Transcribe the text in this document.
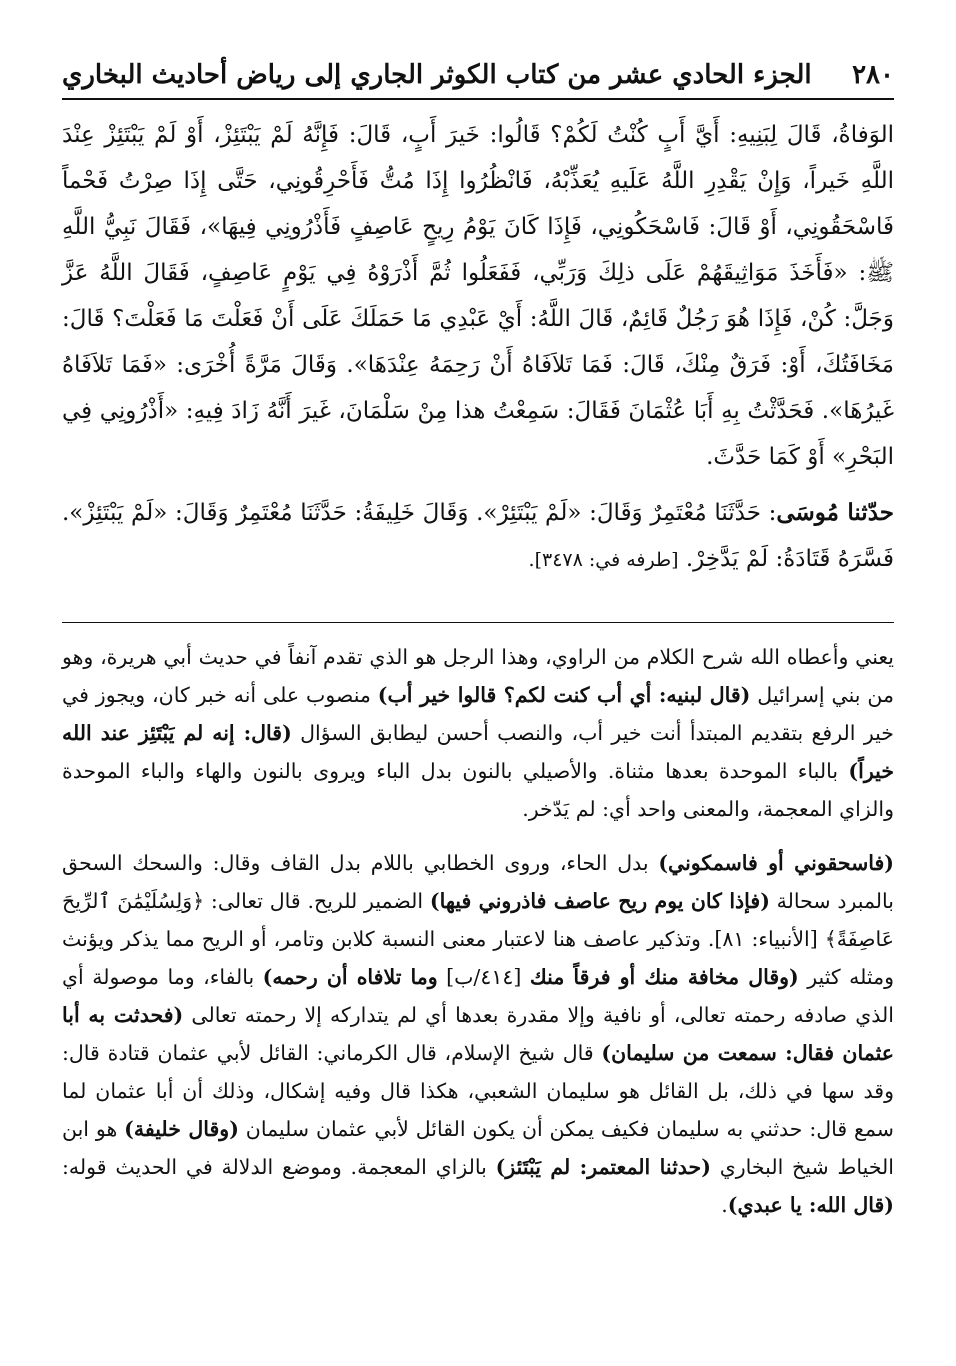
٢٨٠
الجزء الحادي عشر من كتاب الكوثر الجاري إلى رياض أحاديث البخاري

الوَفاةُ، قَالَ لِبَنِيهِ: أَيَّ أَبٍ كُنْتُ لَكُمْ؟ قَالُوا: خَيرَ أَبٍ، قَالَ: فَإِنَّهُ لَمْ يَبْتَئِزْ، أَوْ لَمْ يَبْتَئِزْ عِنْدَ اللَّهِ خَيراً، وَإِنْ يَقْدِرِ اللَّهُ عَلَيهِ يُعَذِّبْهُ، فَانْظُرُوا إِذَا مُتُّ فَأَحْرِقُونِي، حَتَّى إِذَا صِرْتُ فَحْماً فَاسْحَقُونِي، أَوْ قَالَ: فَاسْحَكُونِي، فَإِذَا كَانَ يَوْمُ رِيحٍ عَاصِفٍ فَأَذْرُونِي فِيهَا»، فَقَالَ نَبِيُّ اللَّهِ ﷺ: «فَأَخَذَ مَوَاثِيقَهُمْ عَلَى ذلِكَ وَرَبِّي، فَفَعَلُوا ثُمَّ أَذْرَوْهُ فِي يَوْمٍ عَاصِفٍ، فَقَالَ اللَّهُ عَزَّ وَجَلَّ: كُنْ، فَإِذَا هُوَ رَجُلٌ قَائِمٌ، قَالَ اللَّهُ: أَيْ عَبْدِي مَا حَمَلَكَ عَلَى أَنْ فَعَلْتَ مَا فَعَلْتَ؟ قَالَ: مَخَافَتُكَ، أَوْ: فَرَقٌ مِنْكَ، قَالَ: فَمَا تَلاَفَاهُ أَنْ رَحِمَهُ عِنْدَهَا». وَقَالَ مَرَّةً أُخْرَى: «فَمَا تَلاَفَاهُ غَيرُهَا». فَحَدَّثْتُ بِهِ أَبَا عُثْمَانَ فَقَالَ: سَمِعْتُ هذا مِنْ سَلْمَانَ، غَيرَ أَنَّهُ زَادَ فِيهِ: «أَذْرُونِي فِي البَحْرِ» أَوْ كَمَا حَدَّثَ.

حدّثنا مُوسَى: حَدَّثَنَا مُعْتَمِرٌ وَقَالَ: «لَمْ يَبْتَئِرْ». وَقَالَ خَلِيفَةُ: حَدَّثَنَا مُعْتَمِرٌ وَقَالَ: «لَمْ يَبْتَئِزْ». فَسَّرَهُ قَتَادَةُ: لَمْ يَدَّخِرْ. [طرفه في: ٣٤٧٨].

يعني وأعطاه الله شرح الكلام من الراوي، وهذا الرجل هو الذي تقدم آنفاً في حديث أبي هريرة، وهو من بني إسرائيل (قال لبنيه: أي أب كنت لكم؟ قالوا خير أب) منصوب على أنه خبر كان، ويجوز في خير الرفع بتقديم المبتدأ أنت خير أب، والنصب أحسن ليطابق السؤال (قال: إنه لم يَبْتَئِز عند الله خيراً) بالباء الموحدة بعدها مثناة. والأصيلي بالنون بدل الباء ويروى بالنون والهاء والباء الموحدة والزاي المعجمة، والمعنى واحد أي: لم يَدّخر.

(فاسحقوني أو فاسمكوني) بدل الحاء، وروى الخطابي باللام بدل القاف وقال: والسحك السحق بالمبرد سحالة (فإذا كان يوم ريح عاصف فاذروني فيها) الضمير للريح. قال تعالى: ﴿وَلِسُلَيْمَٰنَ ٱلرِّيحَ عَاصِفَةً﴾ [الأنبياء: ٨١]. وتذكير عاصف هنا لاعتبار معنى النسبة كلابن وتامر، أو الريح مما يذكر ويؤنث ومثله كثير (وقال مخافة منك أو فرقاً منك [٤١٤/ب] وما تلافاه أن رحمه) بالفاء، وما موصولة أي الذي صادفه رحمته تعالى، أو نافية وإلا مقدرة بعدها أي لم يتداركه إلا رحمته تعالى (فحدثت به أبا عثمان فقال: سمعت من سليمان) قال شيخ الإسلام، قال الكرماني: القائل لأبي عثمان قتادة قال: وقد سها في ذلك، بل القائل هو سليمان الشعبي، هكذا قال وفيه إشكال، وذلك أن أبا عثمان لما سمع قال: حدثني به سليمان فكيف يمكن أن يكون القائل لأبي عثمان سليمان (وقال خليفة) هو ابن الخياط شيخ البخاري (حدثنا المعتمر: لم يَبْتَئز) بالزاي المعجمة. وموضع الدلالة في الحديث قوله: (قال الله: يا عبدي).
